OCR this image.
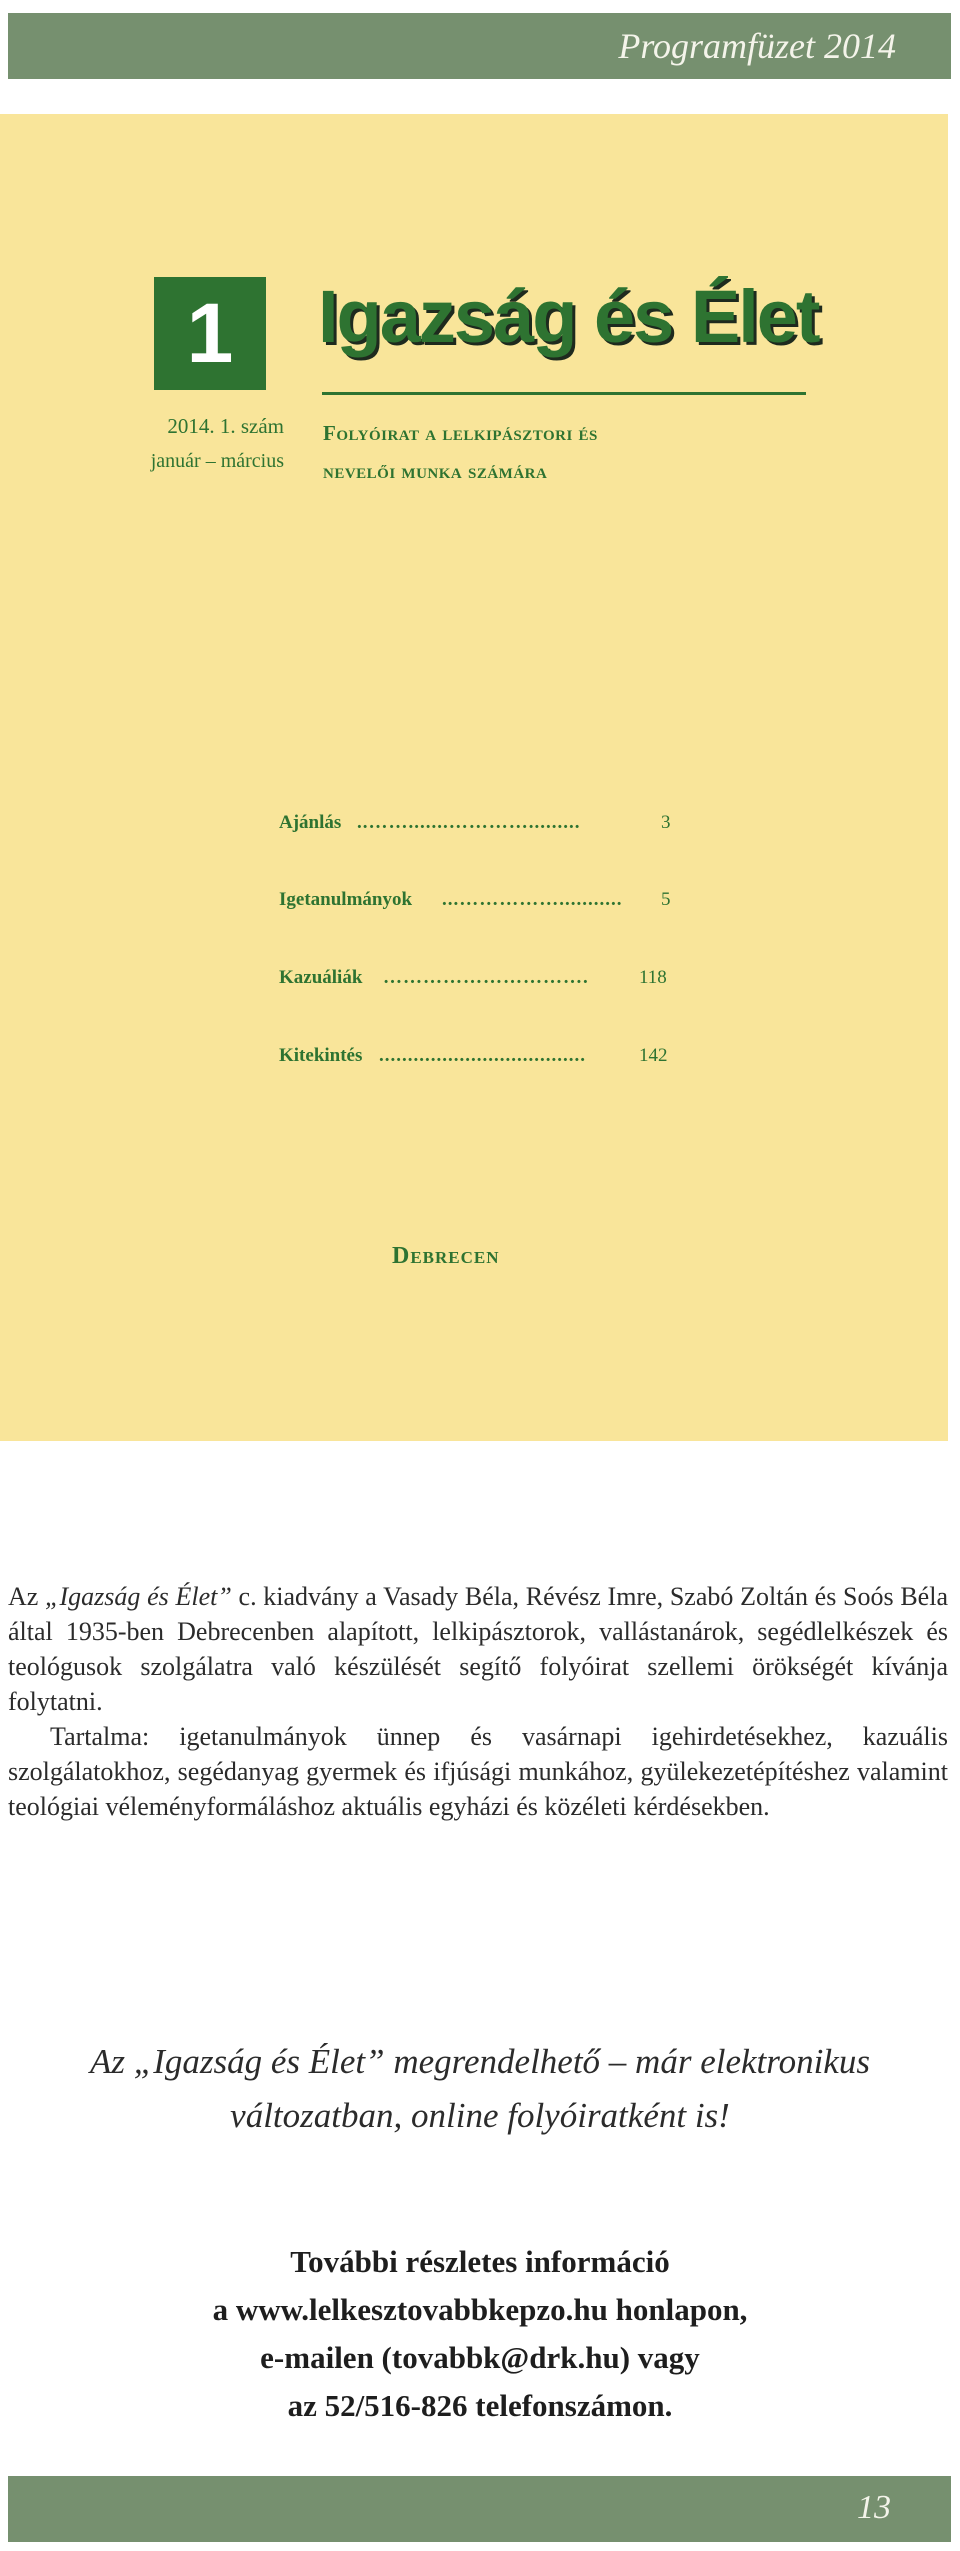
Programfüzet 2014
1	Igazság és Élet
2014. 1. szám
január – március
Folyóirat a lelkipásztori és
nevelői munka számára
Ajánlás ..…….......………….........	3
Igetanulmányok ...……………........... 5
Kazuáliák ………………………….	118
Kitekintés ....................................	142
Debrecen

Az „Igazság és Élet” c. kiadvány a Vasady Béla, Révész Imre, Szabó Zoltán és Soós Béla által 1935-ben Debrecenben alapított, lelkipásztorok, vallástanárok, segédlelkészek és teológusok szolgálatra való készülését segítő folyóirat szellemi örökségét kívánja folytatni.

Tartalma: igetanulmányok ünnep és vasárnapi igehirdetésekhez, kazuális szolgálatokhoz, segédanyag gyermek és ifjúsági munkához, gyülekezetépítéshez valamint teológiai véleményformáláshoz aktuális egyházi és közéleti kérdésekben.

Az „Igazság és Élet” megrendelhető – már elektronikus
változatban, online folyóiratként is!
További részletes információ
a www.lelkesztovabbkepzo.hu honlapon,
e-mailen (tovabbk@drk.hu) vagy
az 52/516-826 telefonszámon.
13
